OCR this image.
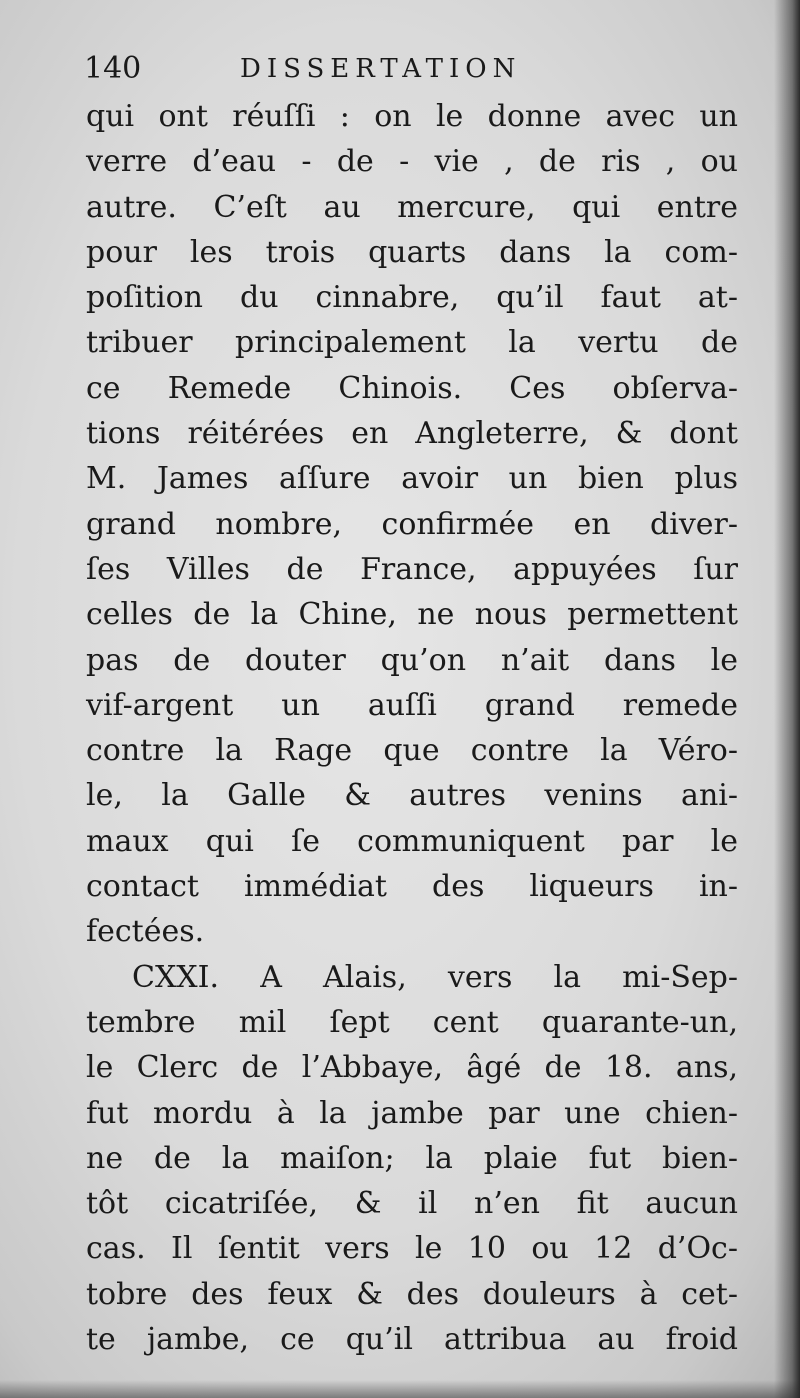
140	DISSERTATION
qui ont réuſſi : on le donne avec un
verre d’eau - de - vie , de ris , ou
autre. C’eſt au mercure, qui entre
pour les trois quarts dans la com-
poſition du cinnabre, qu’il faut at-
tribuer principalement la vertu de
ce Remede Chinois. Ces obſerva-
tions réitérées en Angleterre, & dont
M. James aſſure avoir un bien plus
grand nombre, confirmée en diver-
ſes Villes de France, appuyées ſur
celles de la Chine, ne nous permettent
pas de douter qu’on n’ait dans le
vif-argent un auſſi grand remede
contre la Rage que contre la Véro-
le, la Galle & autres venins ani-
maux qui ſe communiquent par le
contact immédiat des liqueurs in-
fectées.
CXXI. A Alais, vers la mi-Sep-
tembre mil ſept cent quarante-un,
le Clerc de l’Abbaye, âgé de 18. ans,
fut mordu à la jambe par une chien-
ne de la maiſon; la plaie fut bien-
tôt cicatriſée, & il n’en fit aucun
cas. Il ſentit vers le 10 ou 12 d’Oc-
tobre des feux & des douleurs à cet-
te jambe, ce qu’il attribua au froid
